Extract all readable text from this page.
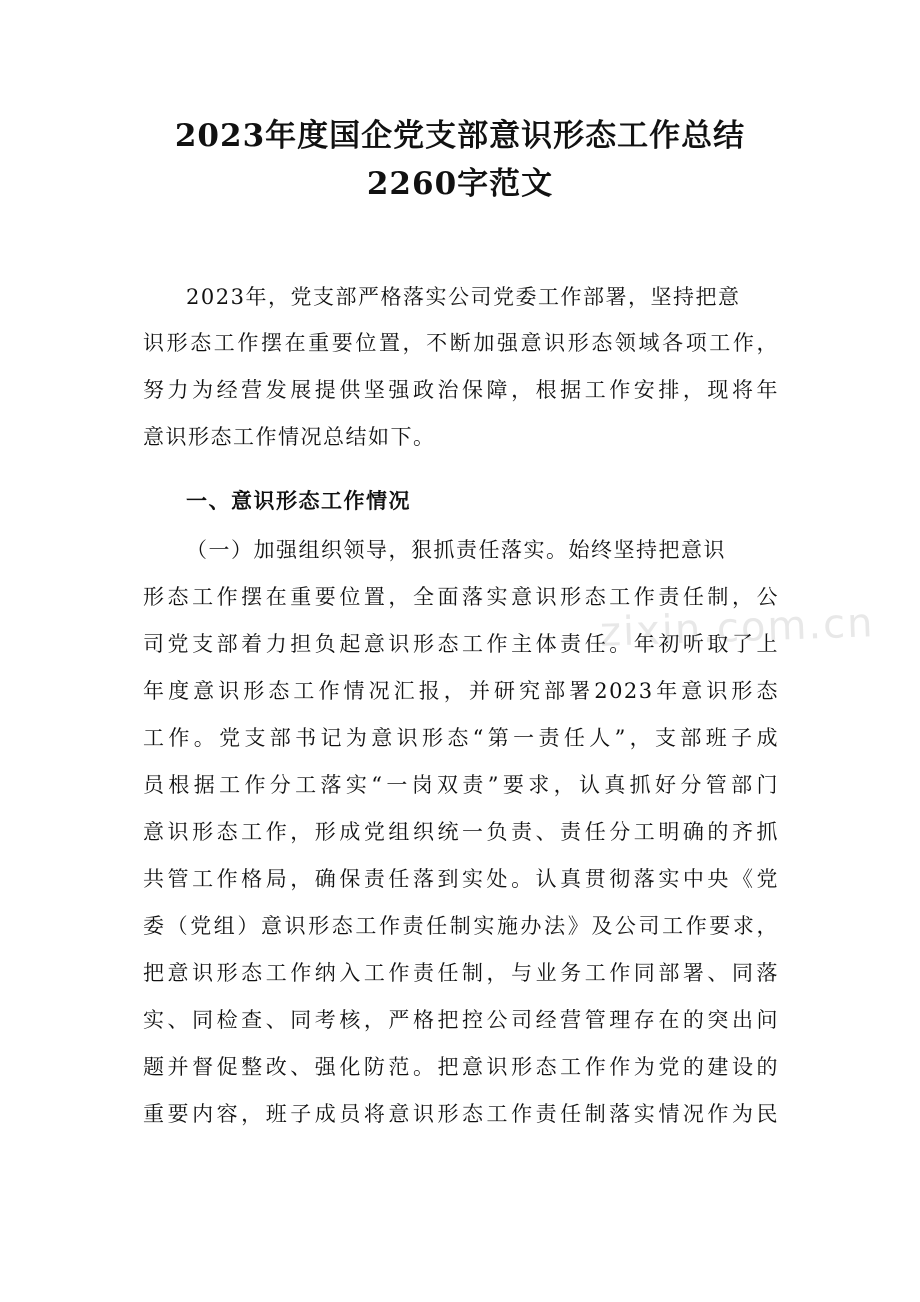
2023年度国企党支部意识形态工作总结
2260字范文
zixin.com.cn
2023年，党支部严格落实公司党委工作部署，坚持把意
识形态工作摆在重要位置，不断加强意识形态领域各项工作，
努力为经营发展提供坚强政治保障，根据工作安排，现将年
意识形态工作情况总结如下。
一、意识形态工作情况
（一）加强组织领导，狠抓责任落实。始终坚持把意识
形态工作摆在重要位置，全面落实意识形态工作责任制，公
司党支部着力担负起意识形态工作主体责任。年初听取了上
年度意识形态工作情况汇报，并研究部署2023年意识形态
工作。党支部书记为意识形态“第一责任人”，支部班子成
员根据工作分工落实“一岗双责”要求，认真抓好分管部门
意识形态工作，形成党组织统一负责、责任分工明确的齐抓
共管工作格局，确保责任落到实处。认真贯彻落实中央《党
委（党组）意识形态工作责任制实施办法》及公司工作要求，
把意识形态工作纳入工作责任制，与业务工作同部署、同落
实、同检查、同考核，严格把控公司经营管理存在的突出问
题并督促整改、强化防范。把意识形态工作作为党的建设的
重要内容，班子成员将意识形态工作责任制落实情况作为民
